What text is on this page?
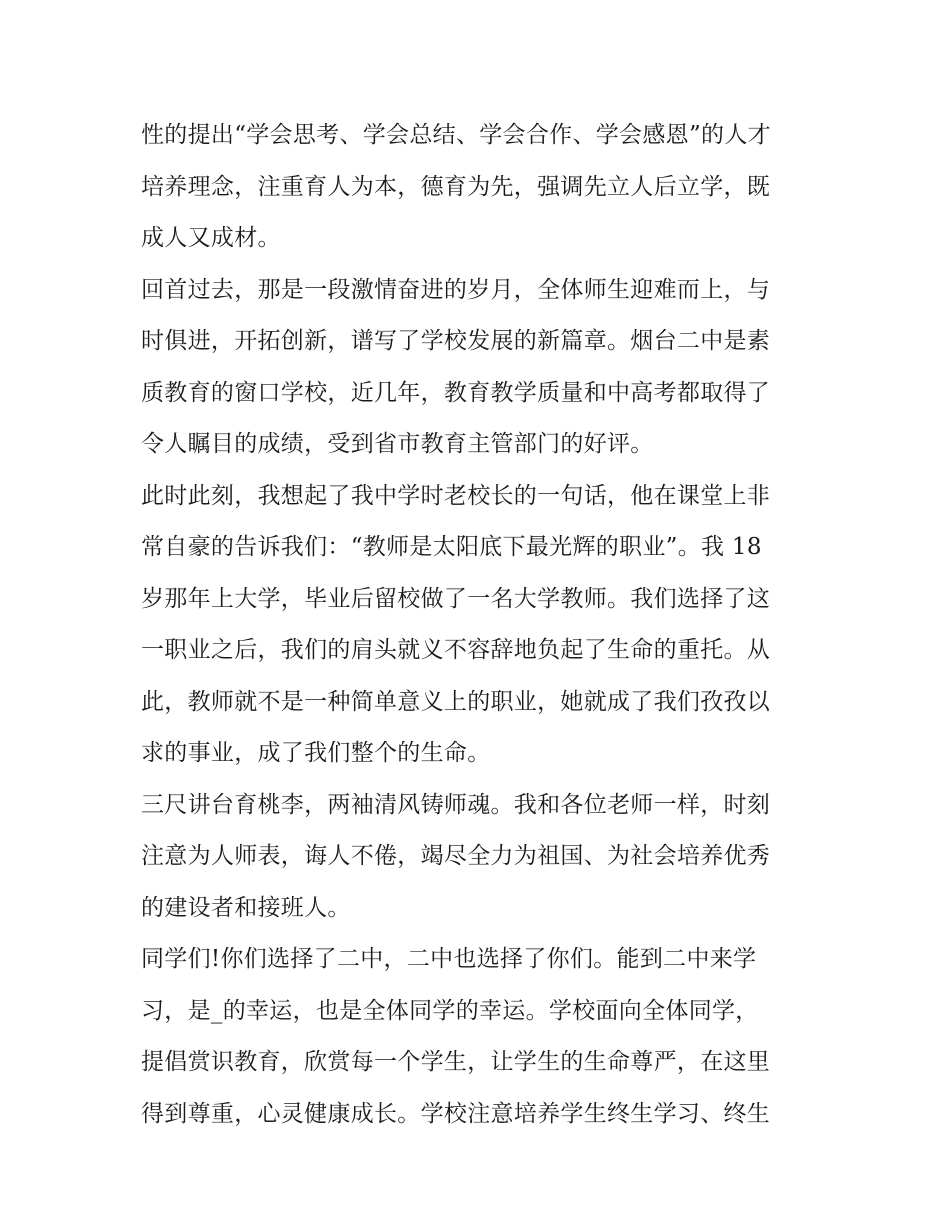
性的提出“学会思考、学会总结、学会合作、学会感恩”的人才
培养理念，注重育人为本，德育为先，强调先立人后立学，既
成人又成材。
回首过去，那是一段激情奋进的岁月，全体师生迎难而上，与
时俱进，开拓创新，谱写了学校发展的新篇章。烟台二中是素
质教育的窗口学校，近几年，教育教学质量和中高考都取得了
令人瞩目的成绩，受到省市教育主管部门的好评。
此时此刻，我想起了我中学时老校长的一句话，他在课堂上非
常自豪的告诉我们：“教师是太阳底下最光辉的职业”。我 18
岁那年上大学，毕业后留校做了一名大学教师。我们选择了这
一职业之后，我们的肩头就义不容辞地负起了生命的重托。从
此，教师就不是一种简单意义上的职业，她就成了我们孜孜以
求的事业，成了我们整个的生命。
三尺讲台育桃李，两袖清风铸师魂。我和各位老师一样，时刻
注意为人师表，诲人不倦，竭尽全力为祖国、为社会培养优秀
的建设者和接班人。
同学们!你们选择了二中，二中也选择了你们。能到二中来学
习，是_的幸运，也是全体同学的幸运。学校面向全体同学，
提倡赏识教育，欣赏每一个学生，让学生的生命尊严，在这里
得到尊重，心灵健康成长。学校注意培养学生终生学习、终生
